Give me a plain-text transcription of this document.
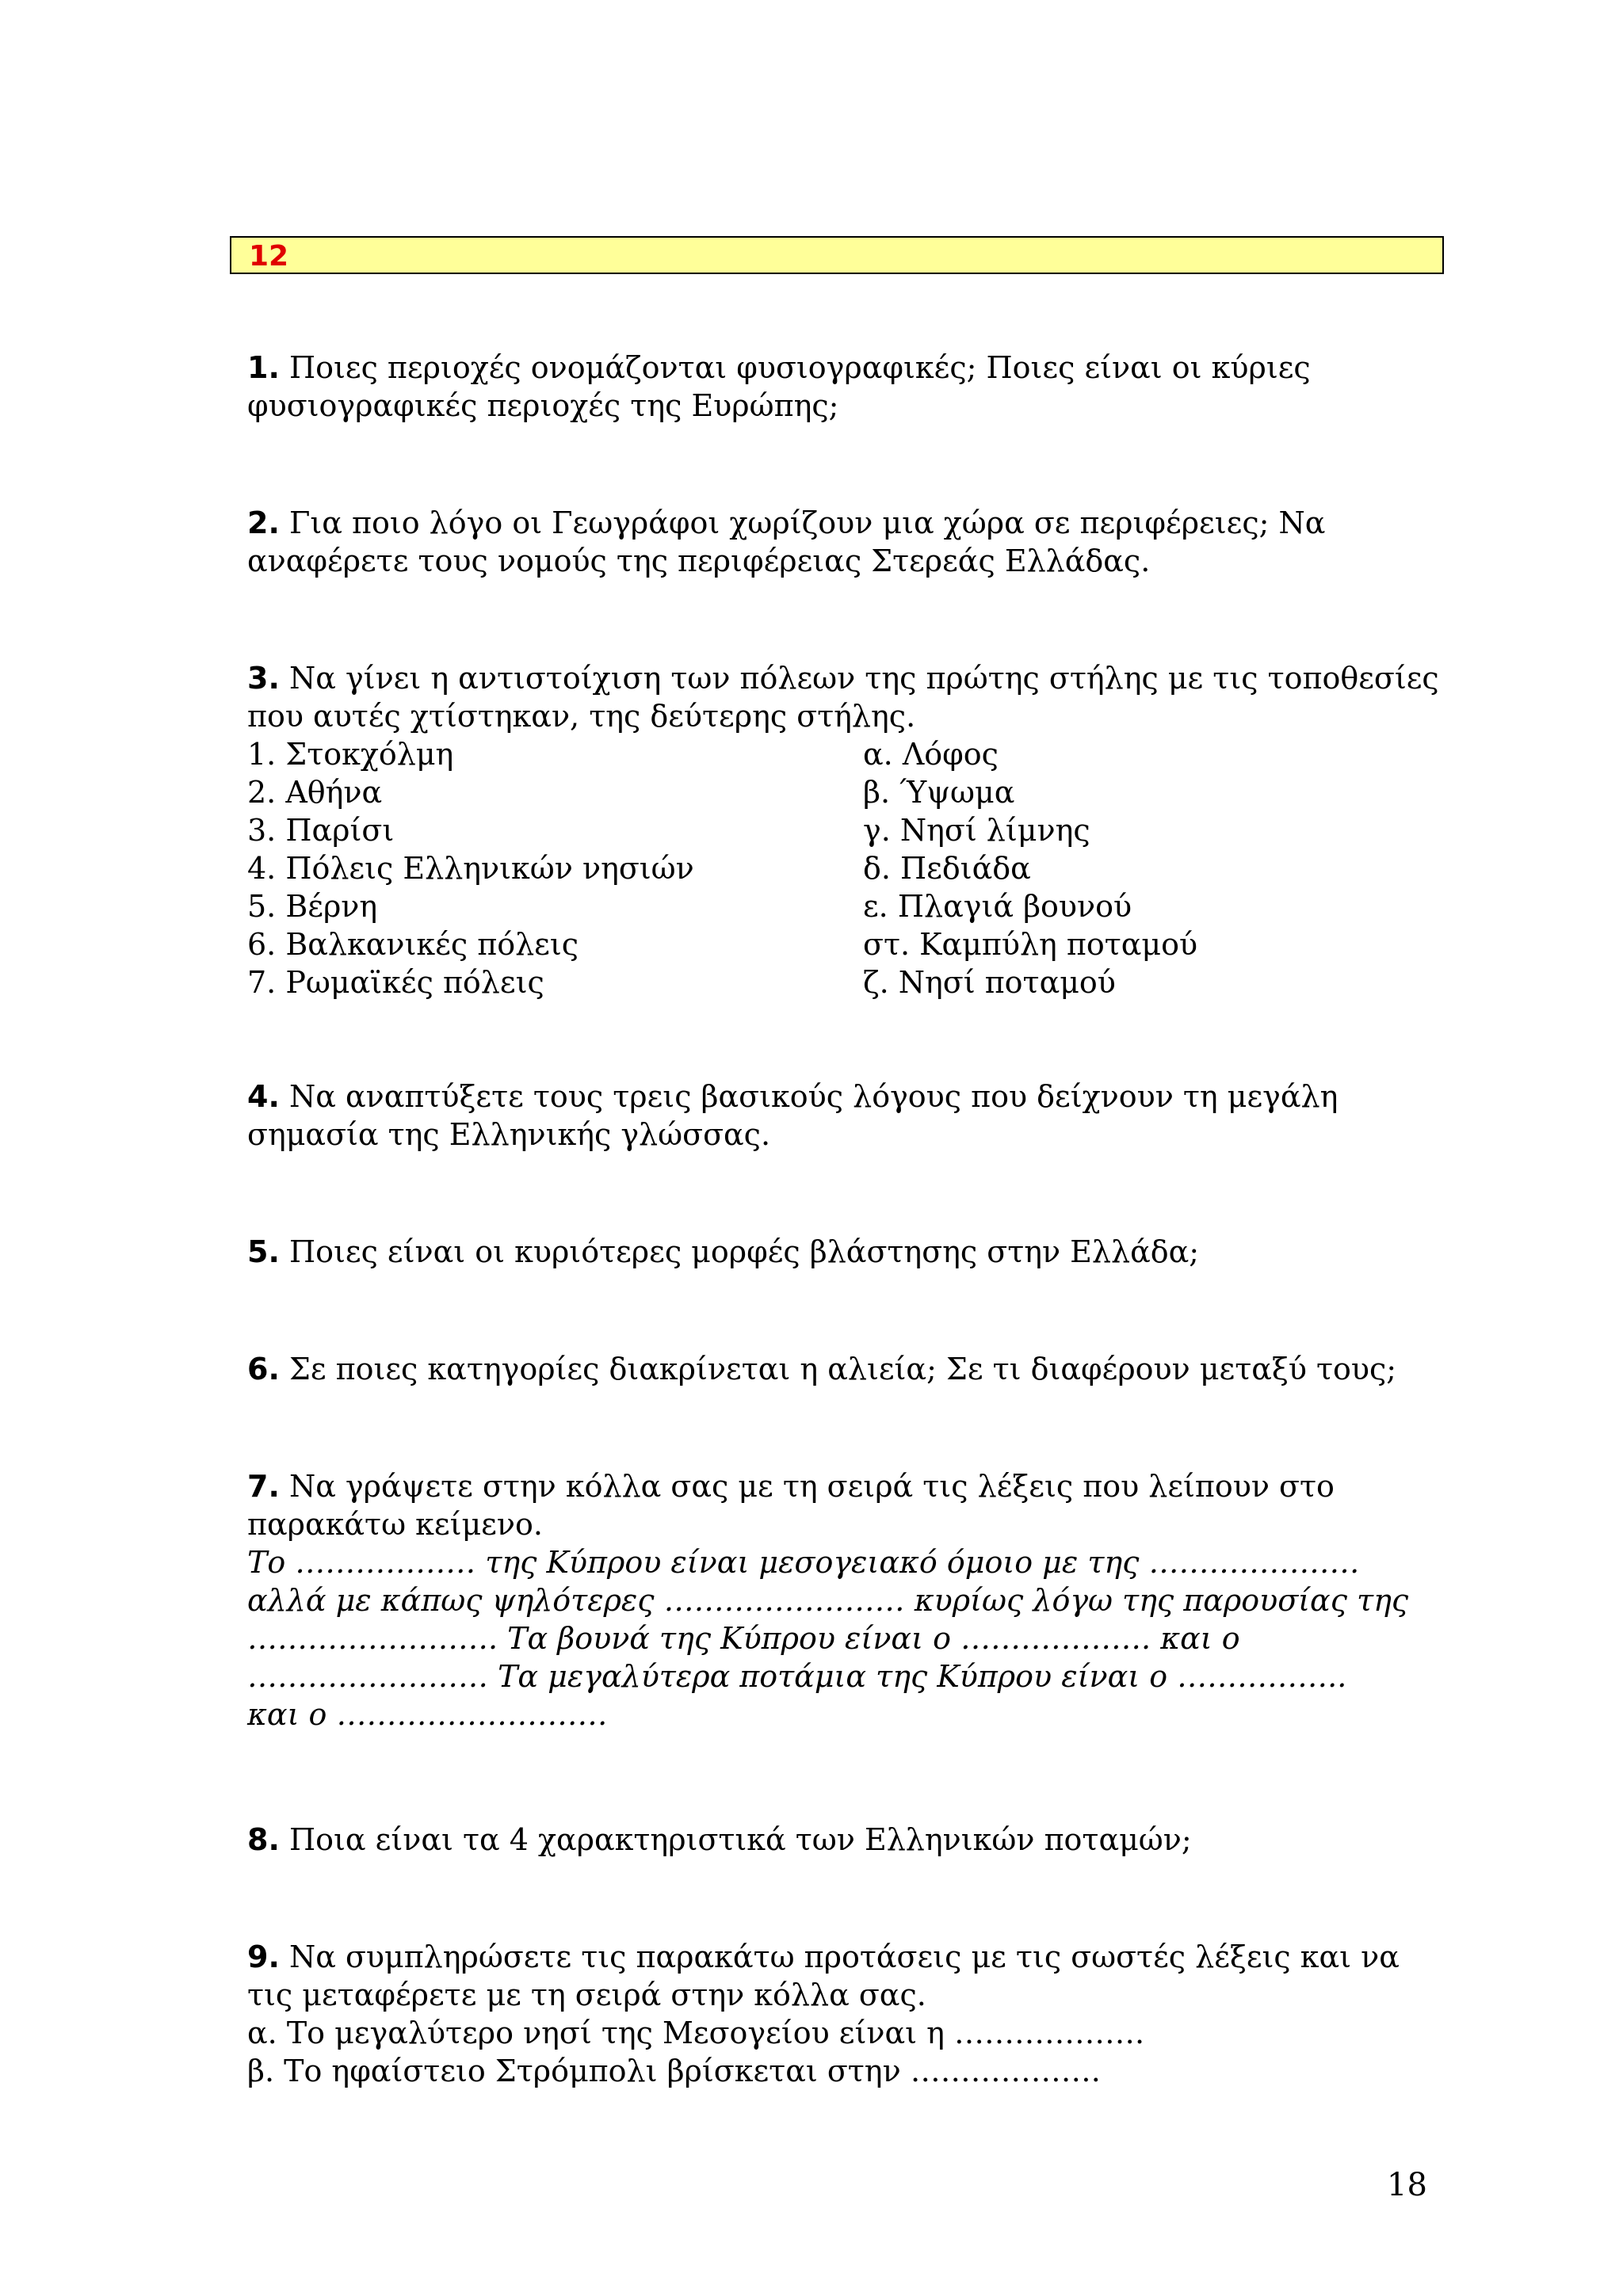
12

1. Ποιες περιοχές ονομάζονται φυσιογραφικές; Ποιες είναι οι κύριες

φυσιογραφικές περιοχές της Ευρώπης;

2. Για ποιο λόγο οι Γεωγράφοι χωρίζουν μια χώρα σε περιφέρειες; Να

αναφέρετε τους νομούς της περιφέρειας Στερεάς Ελλάδας.

3. Να γίνει η αντιστοίχιση των πόλεων της πρώτης στήλης με τις τοποθεσίες

που αυτές χτίστηκαν, της δεύτερης στήλης.

1. Στοκχόλμη	α. Λόφος
2. Αθήνα	β. Ύψωμα
3. Παρίσι	γ. Νησί λίμνης
4. Πόλεις Ελληνικών νησιών	δ. Πεδιάδα
5. Βέρνη	ε. Πλαγιά βουνού
6. Βαλκανικές πόλεις	στ. Καμπύλη ποταμού
7. Ρωμαϊκές πόλεις	ζ. Νησί ποταμού

4. Να αναπτύξετε τους τρεις βασικούς λόγους που δείχνουν τη μεγάλη

σημασία της Ελληνικής γλώσσας.

5. Ποιες είναι οι κυριότερες μορφές βλάστησης στην Ελλάδα;

6. Σε ποιες κατηγορίες διακρίνεται η αλιεία; Σε τι διαφέρουν μεταξύ τους;

7. Να γράψετε στην κόλλα σας με τη σειρά τις λέξεις που λείπουν στο

παρακάτω κείμενο.

Το ……………… της Κύπρου είναι μεσογειακό όμοιο με της …………………

αλλά με κάπως ψηλότερες …………………… κυρίως λόγω της παρουσίας της

……………………. Τα βουνά της Κύπρου είναι ο ………………. και ο

…………………… Τα μεγαλύτερα ποτάμια της Κύπρου είναι ο ……………..

και ο ………………………

8. Ποια είναι τα 4 χαρακτηριστικά των Ελληνικών ποταμών;

9. Να συμπληρώσετε τις παρακάτω προτάσεις με τις σωστές λέξεις και να

τις μεταφέρετε με τη σειρά στην κόλλα σας.

α. Το μεγαλύτερο νησί της Μεσογείου είναι η ……………….

β. Το ηφαίστειο Στρόμπολι βρίσκεται στην ……………….

18
